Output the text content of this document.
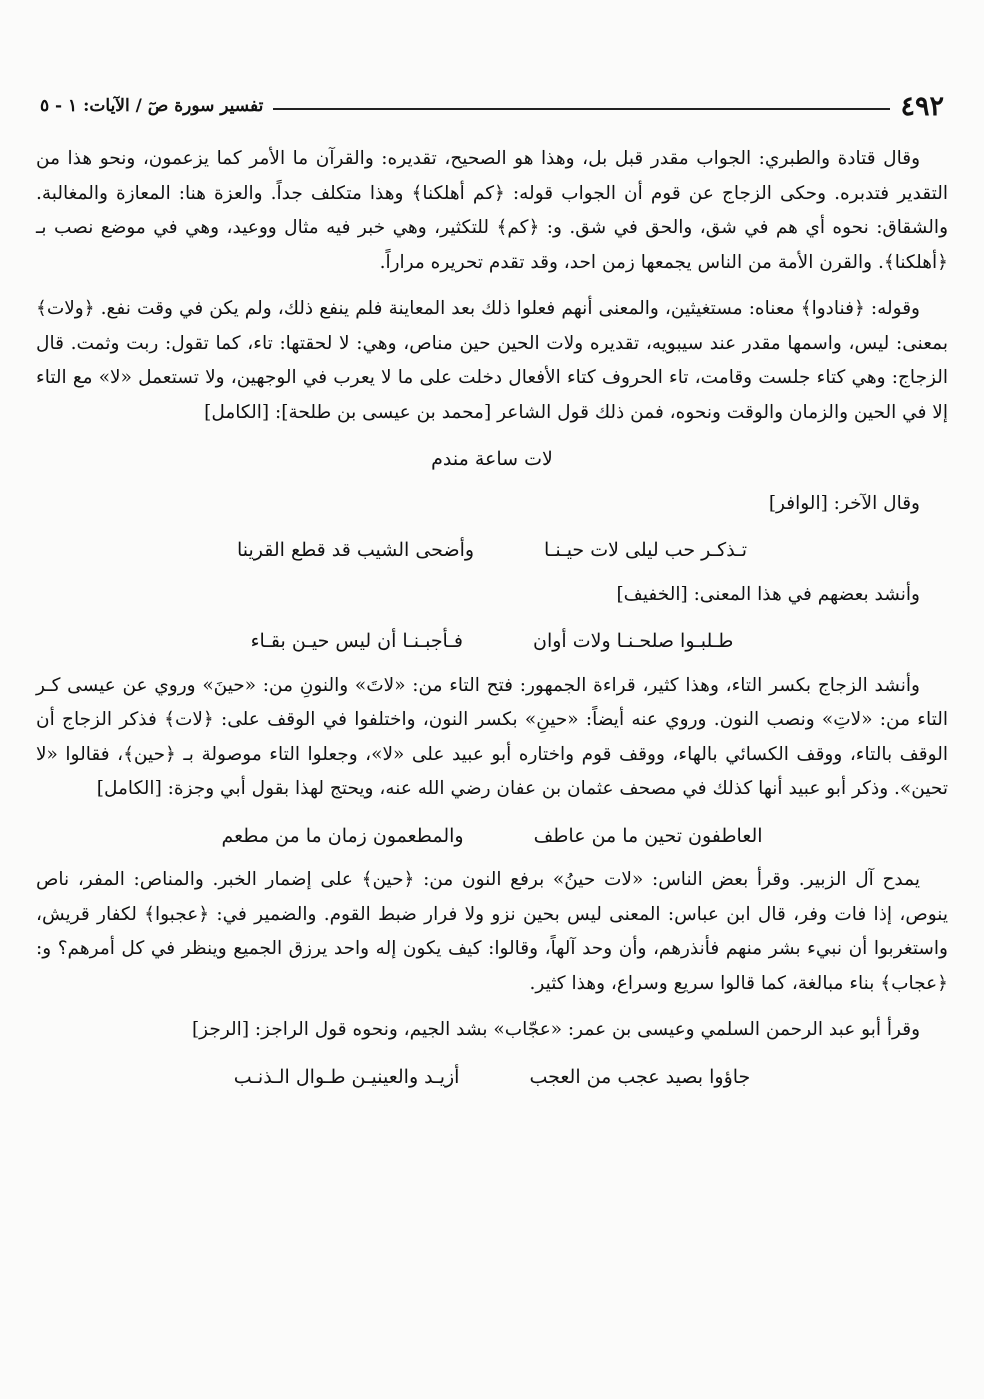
٤٩٢
تفسير سورة صٓ / الآيات: ١ - ٥

وقال قتادة والطبري: الجواب مقدر قبل بل، وهذا هو الصحيح، تقديره: والقرآن ما الأمر كما يزعمون، ونحو هذا من التقدير فتدبره. وحكى الزجاج عن قوم أن الجواب قوله: ﴿كم أهلكنا﴾ وهذا متكلف جداً. والعزة هنا: المعازة والمغالبة. والشقاق: نحوه أي هم في شق، والحق في شق. و: ﴿كم﴾ للتكثير، وهي خبر فيه مثال ووعيد، وهي في موضع نصب بـ ﴿أهلكنا﴾. والقرن الأمة من الناس يجمعها زمن احد، وقد تقدم تحريره مراراً.

وقوله: ﴿فنادوا﴾ معناه: مستغيثين، والمعنى أنهم فعلوا ذلك بعد المعاينة فلم ينفع ذلك، ولم يكن في وقت نفع. ﴿ولات﴾ بمعنى: ليس، واسمها مقدر عند سيبويه، تقديره ولات الحين حين مناص، وهي: لا لحقتها: تاء، كما تقول: ربت وثمت. قال الزجاج: وهي كتاء جلست وقامت، تاء الحروف كتاء الأفعال دخلت على ما لا يعرب في الوجهين، ولا تستعمل «لا» مع التاء إلا في الحين والزمان والوقت ونحوه، فمن ذلك قول الشاعر [محمد بن عيسى بن طلحة]: [الكامل]

لات ساعة مندم

وقال الآخر: [الوافر]

تـذكـر حب ليلى لات حيـنـا
وأضحى الشيب قد قطع القرينا

وأنشد بعضهم في هذا المعنى: [الخفيف]

طـلبـوا صلحـنـا ولات أوان
فـأجبـنـا أن ليس حيـن بقـاء

وأنشد الزجاج بكسر التاء، وهذا كثير، قراءة الجمهور: فتح التاء من: «لاتَ» والنونِ من: «حينَ» وروي عن عيسى كـر التاء من: «لاتِ» ونصب النون. وروي عنه أيضاً: «حينِ» بكسر النون، واختلفوا في الوقف على: ﴿لات﴾ فذكر الزجاج أن الوقف بالتاء، ووقف الكسائي بالهاء، ووقف قوم واختاره أبو عبيد على «لا»، وجعلوا التاء موصولة بـ ﴿حين﴾، فقالوا «لا تحين». وذكر أبو عبيد أنها كذلك في مصحف عثمان بن عفان رضي الله عنه، ويحتج لهذا بقول أبي وجزة: [الكامل]

العاطفون تحين ما من عاطف
والمطعمون زمان ما من مطعم

يمدح آل الزبير. وقرأ بعض الناس: «لات حينُ» برفع النون من: ﴿حين﴾ على إضمار الخبر. والمناص: المفر، ناص ينوص، إذا فات وفر، قال ابن عباس: المعنى ليس بحين نزو ولا فرار ضبط القوم. والضمير في: ﴿عجبوا﴾ لكفار قريش، واستغربوا أن نبيء بشر منهم فأنذرهم، وأن وحد آلهاً، وقالوا: كيف يكون إله واحد يرزق الجميع وينظر في كل أمرهم؟ و: ﴿عجاب﴾ بناء مبالغة، كما قالوا سريع وسراع، وهذا كثير.

وقرأ أبو عبد الرحمن السلمي وعيسى بن عمر: «عجّاب» بشد الجيم، ونحوه قول الراجز: [الرجز]

جاؤوا بصيد عجب من العجب
أزيـد والعينيـن طـوال الـذنـب
